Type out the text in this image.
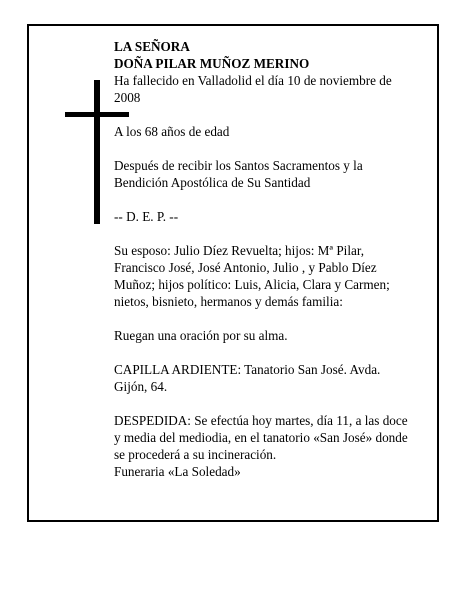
LA SEÑORA
DOÑA PILAR MUÑOZ MERINO
Ha fallecido en Valladolid el día 10 de noviembre de 2008

A los 68 años de edad

Después de recibir los Santos Sacramentos y la Bendición Apostólica de Su Santidad

-- D. E. P. --

Su esposo: Julio Díez Revuelta; hijos: Mª Pilar, Francisco José, José Antonio, Julio , y Pablo Díez Muñoz; hijos político: Luis, Alicia, Clara y Carmen; nietos, bisnieto, hermanos y demás familia:

Ruegan una oración por su alma.

CAPILLA ARDIENTE: Tanatorio San José. Avda. Gijón, 64.

DESPEDIDA: Se efectúa hoy martes, día 11, a las doce y media del mediodia, en el tanatorio «San José» donde se procederá a su incineración.
Funeraria «La Soledad»
